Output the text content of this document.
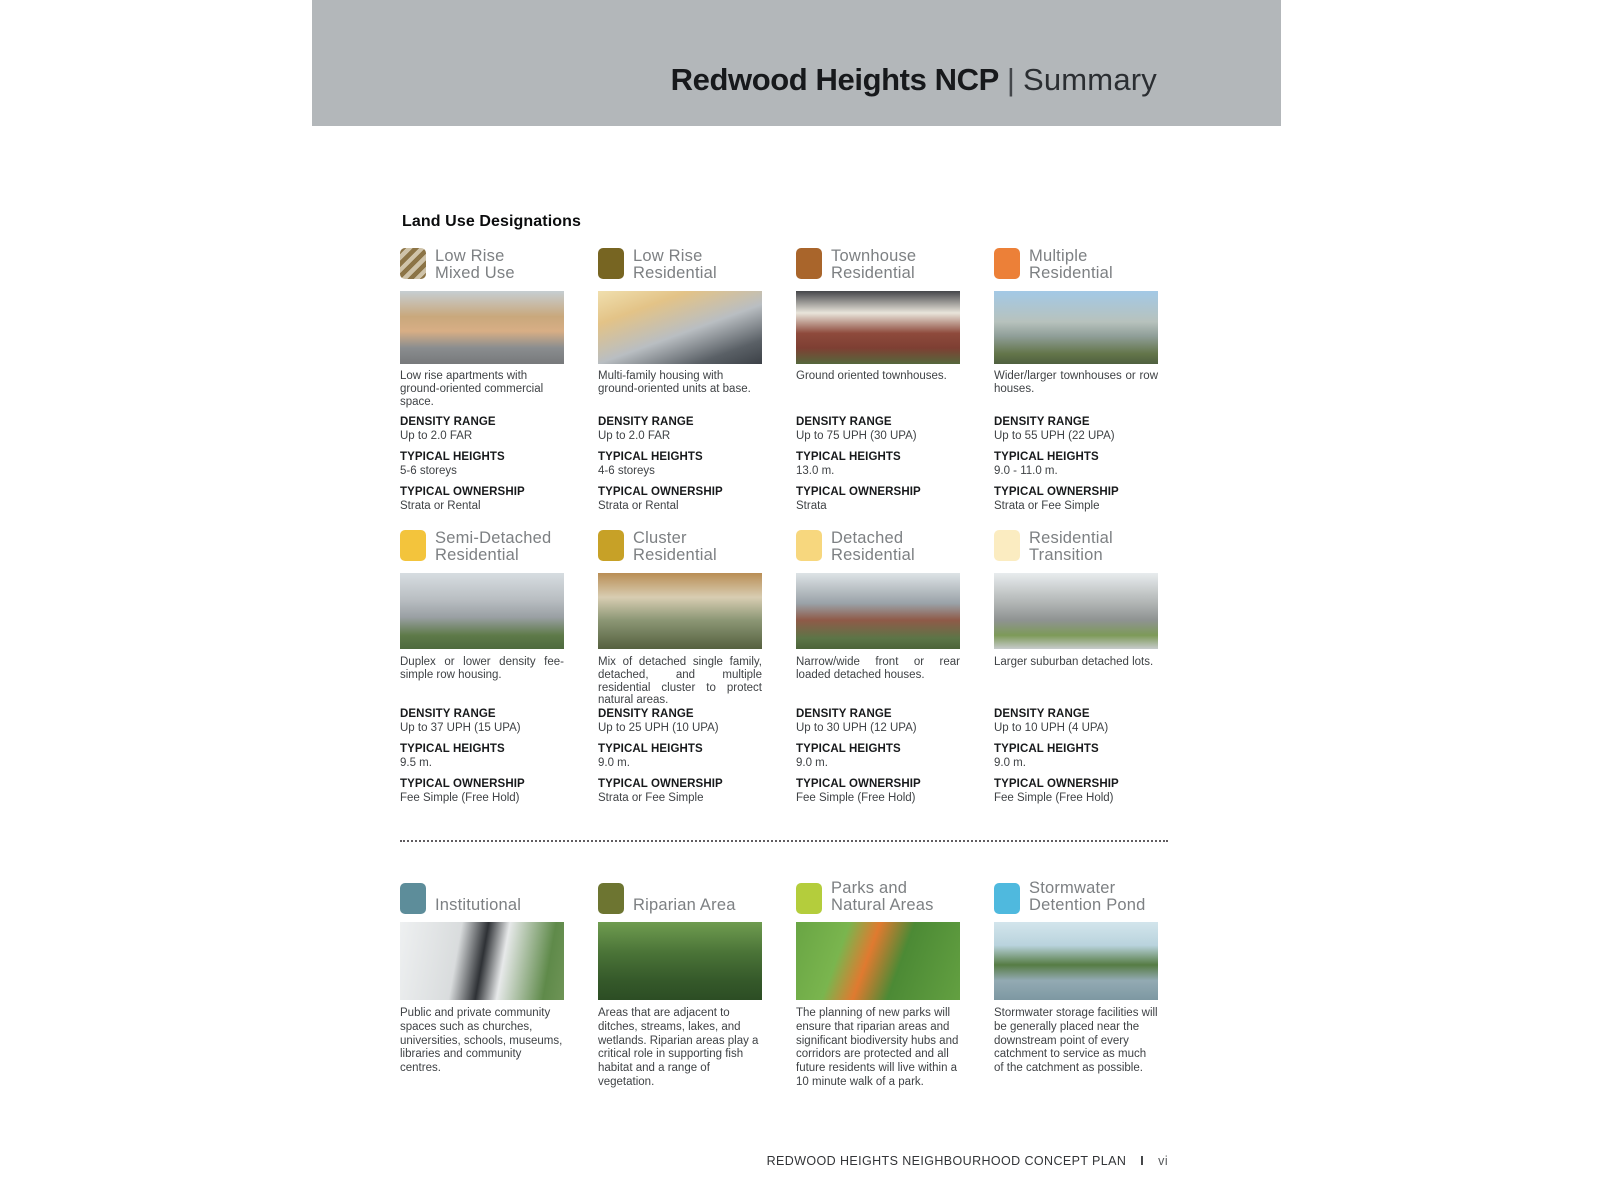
Redwood Heights NCP | Summary
Land Use Designations
Low Rise
Mixed Use

Low rise apartments with ground-oriented commercial space.

DENSITY RANGE
Up to 2.0 FAR
TYPICAL HEIGHTS
5-6 storeys
TYPICAL OWNERSHIP
Strata or Rental
Low Rise
Residential

Multi-family housing with ground-oriented units at base.

DENSITY RANGE
Up to 2.0 FAR
TYPICAL HEIGHTS
4-6 storeys
TYPICAL OWNERSHIP
Strata or Rental
Townhouse
Residential

Ground oriented townhouses.

DENSITY RANGE
Up to 75 UPH (30 UPA)
TYPICAL HEIGHTS
13.0 m.
TYPICAL OWNERSHIP
Strata
Multiple
Residential

Wider/larger townhouses or row houses.

DENSITY RANGE
Up to 55 UPH (22 UPA)
TYPICAL HEIGHTS
9.0 - 11.0 m.
TYPICAL OWNERSHIP
Strata or Fee Simple
Semi-Detached
Residential

Duplex or lower density fee-simple row housing.

DENSITY RANGE
Up to 37 UPH (15 UPA)
TYPICAL HEIGHTS
9.5 m.
TYPICAL OWNERSHIP
Fee Simple (Free Hold)
Cluster
Residential

Mix of detached single family, detached, and multiple residential cluster to protect natural areas.

DENSITY RANGE
Up to 25 UPH (10 UPA)
TYPICAL HEIGHTS
9.0 m.
TYPICAL OWNERSHIP
Strata or Fee Simple
Detached
Residential

Narrow/wide front or rear loaded detached houses.

DENSITY RANGE
Up to 30 UPH (12 UPA)
TYPICAL HEIGHTS
9.0 m.
TYPICAL OWNERSHIP
Fee Simple (Free Hold)
Residential
Transition

Larger suburban detached lots.

DENSITY RANGE
Up to 10 UPH (4 UPA)
TYPICAL HEIGHTS
9.0 m.
TYPICAL OWNERSHIP
Fee Simple (Free Hold)
Institutional

Public and private community spaces such as churches, universities, schools, museums, libraries and community centres.

Riparian Area

Areas that are adjacent to ditches, streams, lakes, and wetlands. Riparian areas play a critical role in supporting fish habitat and a range of vegetation.

Parks and
Natural Areas

The planning of new parks will ensure that riparian areas and significant biodiversity hubs and corridors are protected and all future residents will live within a 10 minute walk of a park.

Stormwater
Detention Pond

Stormwater storage facilities will be generally placed near the downstream point of every catchment to service as much of the catchment as possible.

REDWOOD HEIGHTS NEIGHBOURHOOD CONCEPT PLAN I vi
